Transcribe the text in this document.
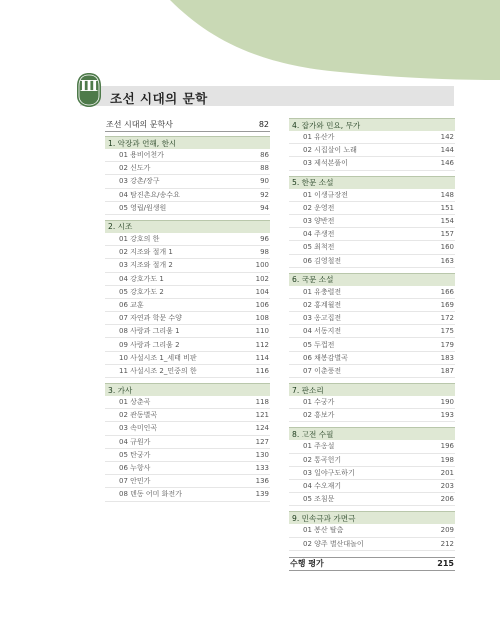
Ⅲ
조선 시대의 문학
조선 시대의 문학사	82
1. 악장과 언해, 한시
01 용비어천가	86
02 신도가	88
03 강촌/장구	90
04 탐진촌요/송수요	92
05 영립/원생원	94
2. 시조
01 강호의 한	96
02 지조와 절개 1	98
03 지조와 절개 2	100
04 강호가도 1	102
05 강호가도 2	104
06 교훈	106
07 자연과 학문 수양	108
08 사랑과 그리움 1	110
09 사랑과 그리움 2	112
10 사설시조 1_세태 비판	114
11 사설시조 2_민중의 한	116
3. 가사
01 상춘곡	118
02 관동별곡	121
03 속미인곡	124
04 규원가	127
05 탄궁가	130
06 누항사	133
07 안민가	136
08 덴동 어미 화전가	139
4. 잡가와 민요, 무가
01 유산가	142
02 시집살이 노래	144
03 제석본풀이	146
5. 한문 소설
01 이생규장전	148
02 운영전	151
03 양반전	154
04 주생전	157
05 최척전	160
06 김영철전	163
6. 국문 소설
01 유충렬전	166
02 홍계월전	169
03 옹고집전	172
04 서동지전	175
05 두껍전	179
06 채봉감별곡	183
07 이춘풍전	187
7. 판소리
01 수궁가	190
02 흥보가	193
8. 고전 수필
01 주옹설	196
02 통곡헌기	198
03 일야구도하기	201
04 수오재기	203
05 조침문	206
9. 민속극과 가면극
01 봉산 탈춤	209
02 양주 별산대놀이	212
수행 평가	215
